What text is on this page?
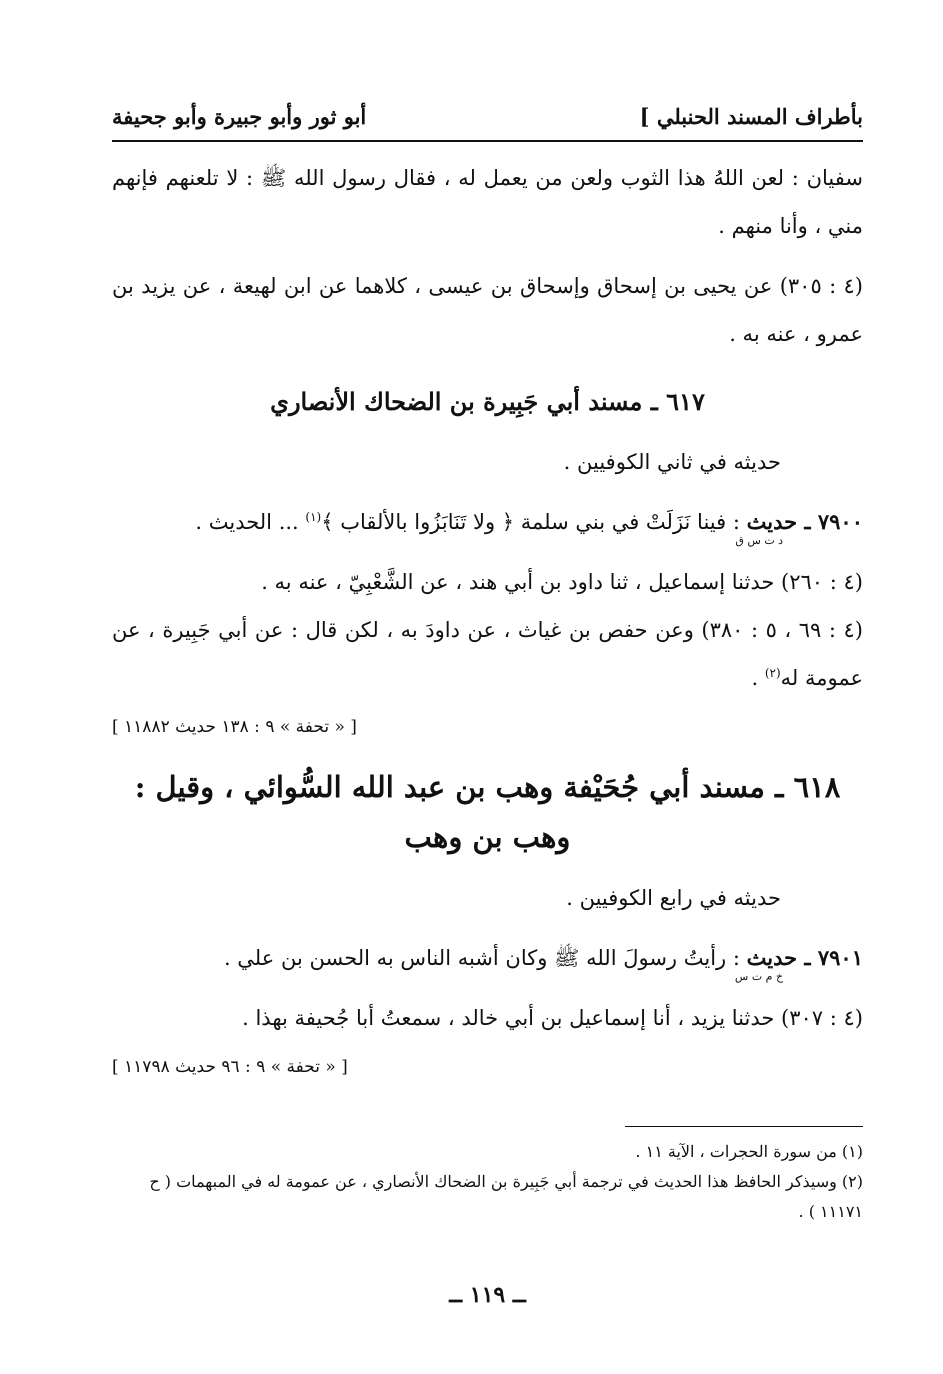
بأطراف المسند الحنبلي ]
أبو ثور وأبو جبيرة وأبو جحيفة

سفيان : لعن اللهُ هذا الثوب ولعن من يعمل له ، فقال رسول الله ﷺ : لا تلعنهم فإنهم مني ، وأنا منهم .

(٤ : ٣٠٥) عن يحيى بن إسحاق وإسحاق بن عيسى ، كلاهما عن ابن لهيعة ، عن يزيد بن عمرو ، عنه به .

٦١٧ ـ مسند أبي جَبِيرة بن الضحاك الأنصاري

حديثه في ثاني الكوفيين .

٧٩٠٠ ـ حديث
د ت س ق
: فينا نَزَلَتْ في بني سلمة ﴿ ولا تَنَابَزُوا بالألقاب ﴾$^{(١)}$ ... الحديث .

(٤ : ٢٦٠) حدثنا إسماعيل ، ثنا داود بن أبي هند ، عن الشَّعْبِيّ ، عنه به .

(٤ : ٦٩ ، ٥ : ٣٨٠) وعن حفص بن غياث ، عن داودَ به ، لكن قال : عن أبي جَبِيرة ، عن عمومة له$^{(٢)}$ .

[ « تحفة » ٩ : ١٣٨ حديث ١١٨٨٢ ]
٦١٨ ـ مسند أبي جُحَيْفة وهب بن عبد الله السُّوائي ، وقيل : وهب بن وهب

حديثه في رابع الكوفيين .

٧٩٠١ ـ حديث
خ م ت س
: رأيتُ رسولَ الله ﷺ وكان أشبه الناس به الحسن بن علي .

(٤ : ٣٠٧) حدثنا يزيد ، أنا إسماعيل بن أبي خالد ، سمعتُ أبا جُحيفة بهذا .

[ « تحفة » ٩ : ٩٦ حديث ١١٧٩٨ ]

(١) من سورة الحجرات ، الآية ١١ .

(٢) وسيذكر الحافظ هذا الحديث في ترجمة أبي جَبِيرة بن الضحاك الأنصاري ، عن عمومة له في المبهمات ( ح ١١١٧١ ) .

ــ ١١٩ ــ
